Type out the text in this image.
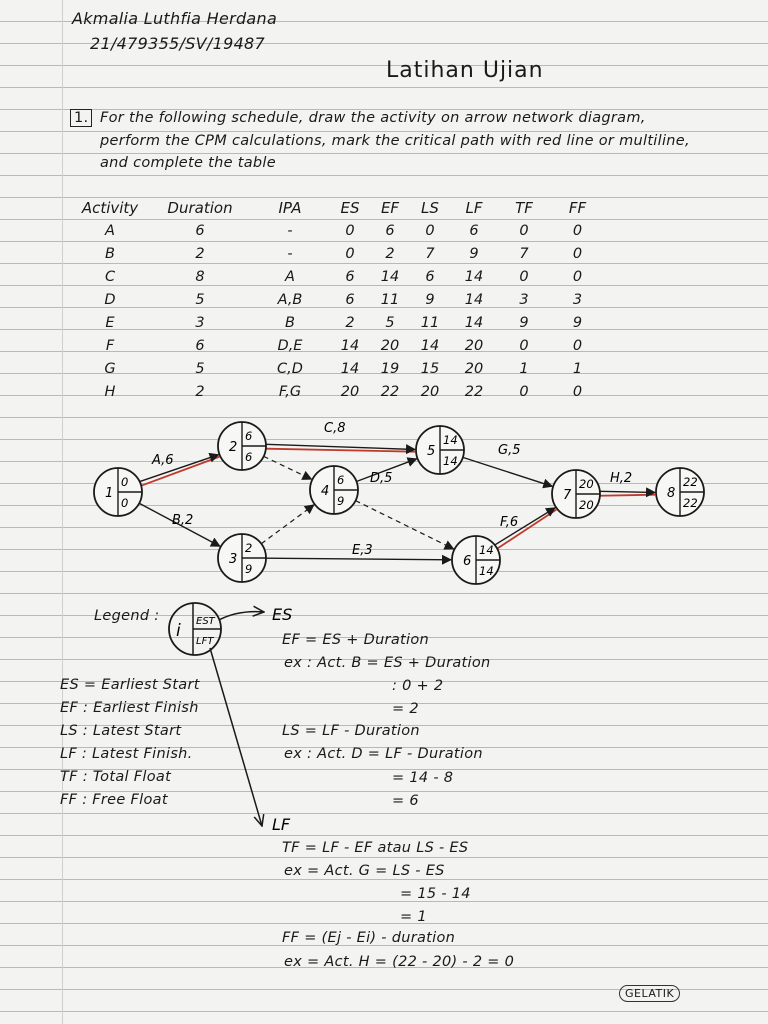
Akmalia Luthfia Herdana
21/479355/SV/19487
Latihan Ujian
1. For the following schedule, draw the activity on arrow network diagram,
perform the CPM calculations, mark the critical path with red line or multiline,
and complete the table
Activity	Duration	IPA	ES	EF	LS	LF	TF	FF
A	6	-	0	6	0	6	0	0
B	2	-	0	2	7	9	7	0
C	8	A	6	14	6	14	0	0
D	5	A,B	6	11	9	14	3	3
E	3	B	2	5	11	14	9	9
F	6	D,E	14	20	14	20	0	0
G	5	C,D	14	19	15	20	1	1
H	2	F,G	20	22	20	22	0	0
A,6
B,2
C,8
D,5
E,3
F,6
G,5
H,2
1
0
0
2
6
6
3
2
9
4
6
9
5
14
14
6
14
14
7
20
20
8
22
22
Legend :
i EST
LFT
ES
LF
ES = Earliest Start
EF : Earliest Finish
LS : Latest Start
LF : Latest Finish.
TF : Total Float
FF : Free Float
EF = ES + Duration
ex : Act. B = ES + Duration
: 0 + 2
= 2
LS = LF - Duration
ex : Act. D = LF - Duration
= 14 - 8
= 6
TF = LF - EF atau LS - ES
ex = Act. G = LS - ES
= 15 - 14
= 1
FF = (Ej - Ei) - duration
ex = Act. H = (22 - 20) - 2 = 0
GELATIK
